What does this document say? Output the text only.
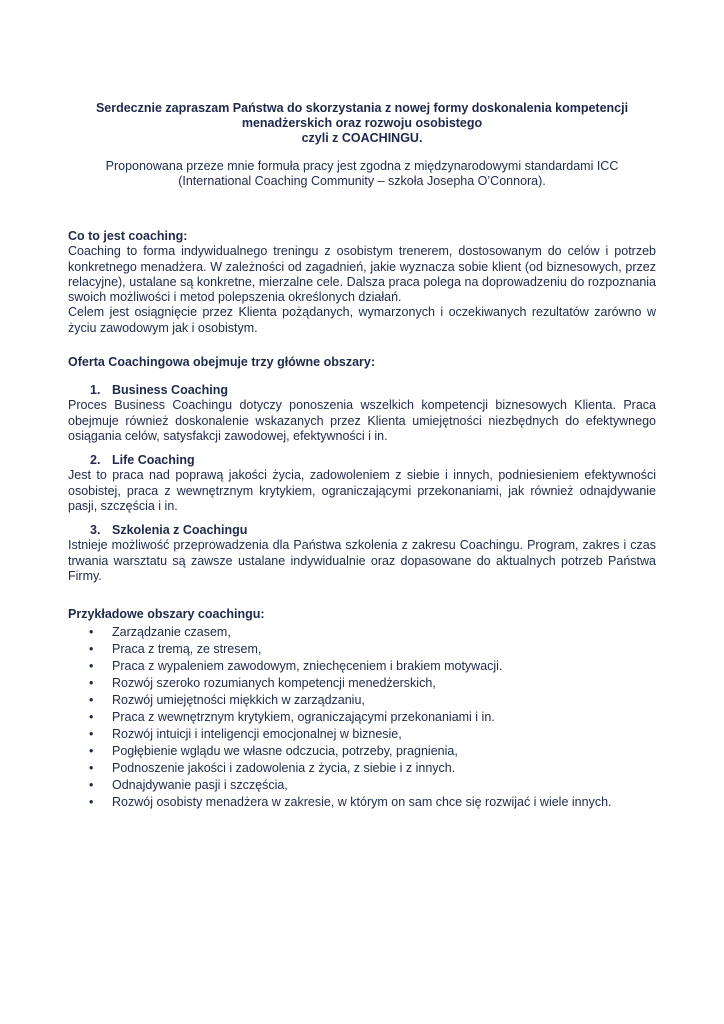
Serdecznie zapraszam Państwa do skorzystania z nowej formy doskonalenia kompetencji
menadżerskich oraz rozwoju osobistego
czyli z COACHINGU.
Proponowana przeze mnie formuła pracy jest zgodna z międzynarodowymi standardami ICC
(International Coaching Community – szkoła Josepha O’Connora).
Co to jest coaching:
Coaching to forma indywidualnego treningu z osobistym trenerem, dostosowanym do celów i potrzeb konkretnego menadżera. W zależności od zagadnień, jakie wyznacza sobie klient (od biznesowych, przez relacyjne), ustalane są konkretne, mierzalne cele. Dalsza praca polega na doprowadzeniu do rozpoznania swoich możliwości i metod polepszenia określonych działań.
Celem jest osiągnięcie przez Klienta pożądanych, wymarzonych i oczekiwanych rezultatów zarówno w życiu zawodowym jak i osobistym.
Oferta Coachingowa obejmuje trzy główne obszary:
1. Business Coaching
Proces Business Coachingu dotyczy ponoszenia wszelkich kompetencji biznesowych Klienta. Praca obejmuje również doskonalenie wskazanych przez Klienta umiejętności niezbędnych do efektywnego osiągania celów, satysfakcji zawodowej, efektywności i in.
2. Life Coaching
Jest to praca nad poprawą jakości życia, zadowoleniem z siebie i innych, podniesieniem efektywności osobistej, praca z wewnętrznym krytykiem, ograniczającymi przekonaniami, jak również odnajdywanie pasji, szczęścia i in.
3. Szkolenia z Coachingu
Istnieje możliwość przeprowadzenia dla Państwa szkolenia z zakresu Coachingu. Program, zakres i czas trwania warsztatu są zawsze ustalane indywidualnie oraz dopasowane do aktualnych potrzeb Państwa Firmy.
Przykładowe obszary coachingu:
• Zarządzanie czasem,
• Praca z tremą, ze stresem,
• Praca z wypaleniem zawodowym, zniechęceniem i brakiem motywacji.
• Rozwój szeroko rozumianych kompetencji menedżerskich,
• Rozwój umiejętności miękkich w zarządzaniu,
• Praca z wewnętrznym krytykiem, ograniczającymi przekonaniami i in.
• Rozwój intuicji i inteligencji emocjonalnej w biznesie,
• Pogłębienie wglądu we własne odczucia, potrzeby, pragnienia,
• Podnoszenie jakości i zadowolenia z życia, z siebie i z innych.
• Odnajdywanie pasji i szczęścia,
• Rozwój osobisty menadżera w zakresie, w którym on sam chce się rozwijać i wiele innych.
